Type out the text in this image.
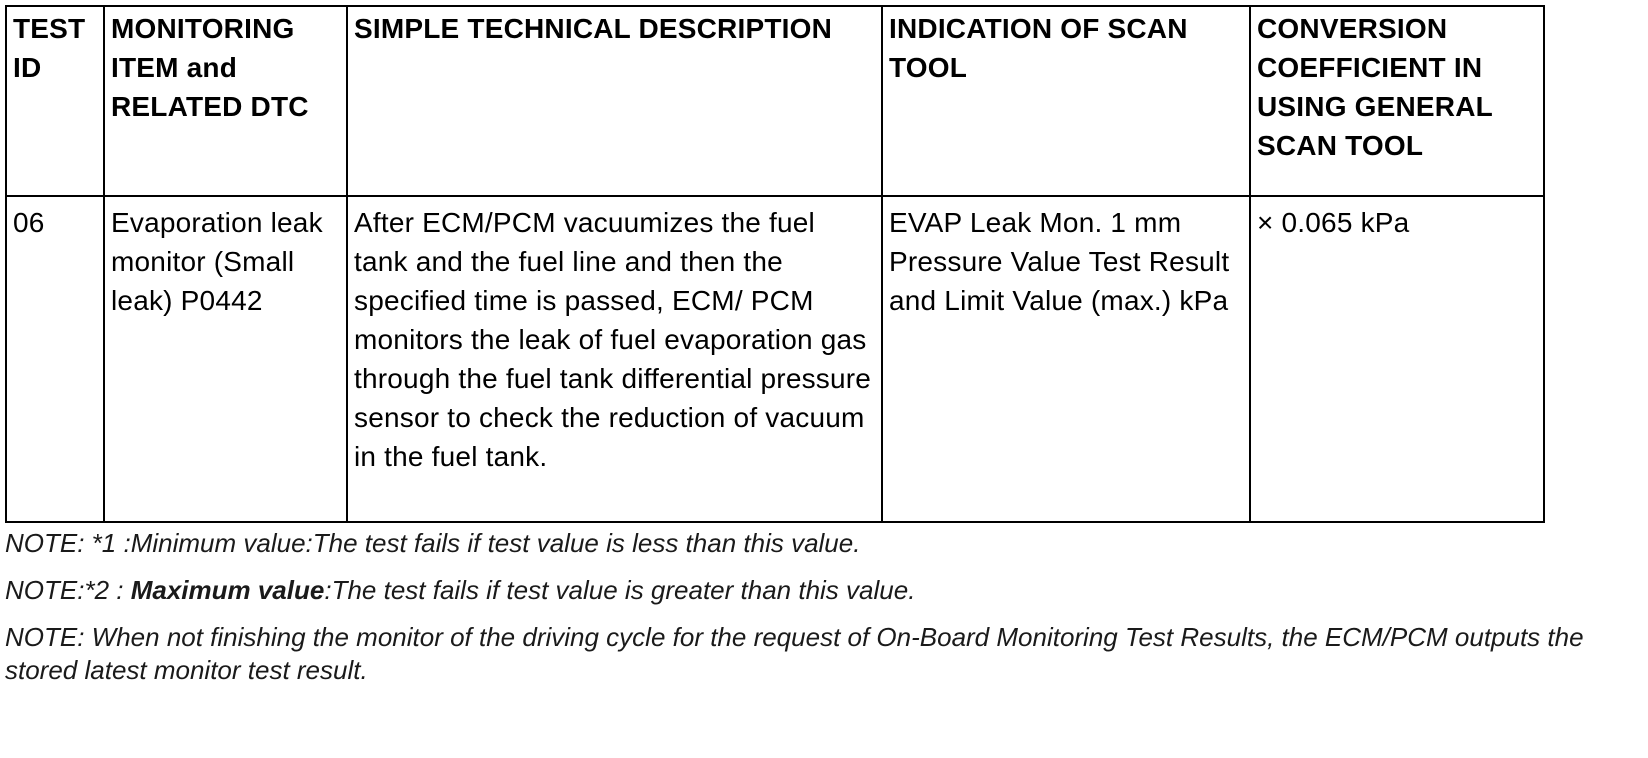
TEST ID	MONITORING ITEM and RELATED DTC	SIMPLE TECHNICAL DESCRIPTION	INDICATION OF SCAN TOOL	CONVERSION COEFFICIENT IN USING GENERAL SCAN TOOL
06	Evaporation leak monitor (Small leak) P0442	After ECM/PCM vacuumizes the fuel tank and the fuel line and then the specified time is passed, ECM/ PCM monitors the leak of fuel evaporation gas through the fuel tank differential pressure sensor to check the reduction of vacuum in the fuel tank.	EVAP Leak Mon. 1 mm Pressure Value Test Result and Limit Value (max.) kPa	× 0.065 kPa

NOTE: *1 :Minimum value:The test fails if test value is less than this value.

NOTE:*2 : Maximum value:The test fails if test value is greater than this value.

NOTE: When not finishing the monitor of the driving cycle for the request of On-Board Monitoring Test Results, the ECM/PCM outputs the stored latest monitor test result.
